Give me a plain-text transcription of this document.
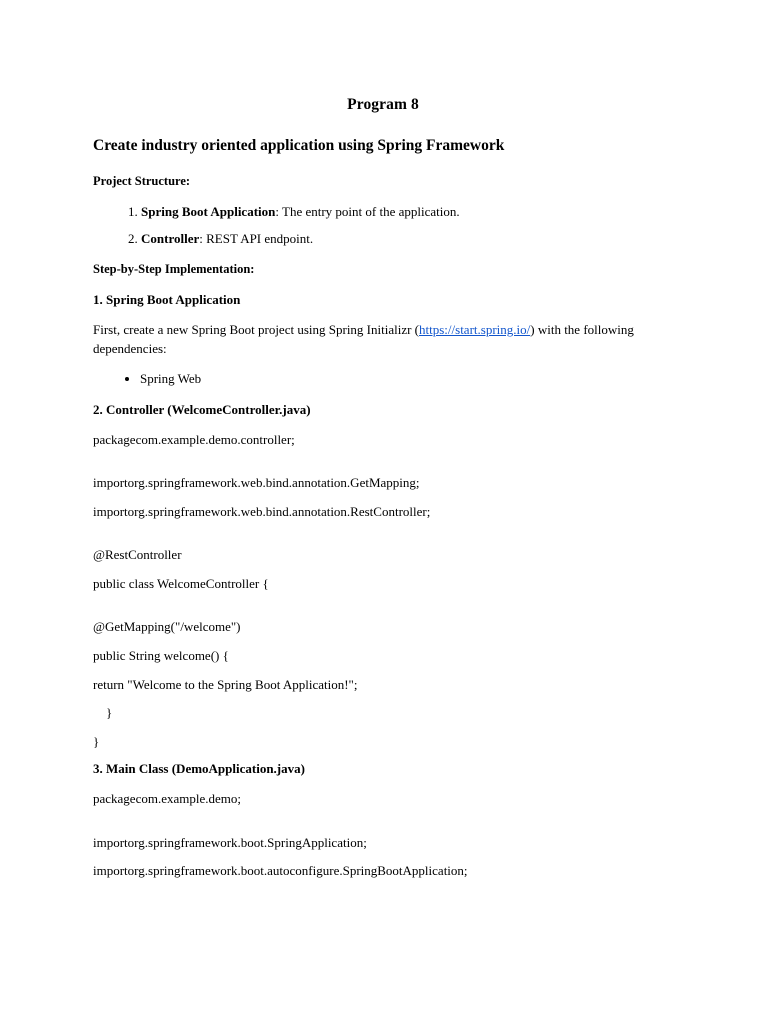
Program 8
Create industry oriented application using Spring Framework
Project Structure:
1. Spring Boot Application: The entry point of the application.
2. Controller: REST API endpoint.
Step-by-Step Implementation:
1. Spring Boot Application
First, create a new Spring Boot project using Spring Initializr (https://start.spring.io/) with the following dependencies:
• Spring Web
2. Controller (WelcomeController.java)
packagecom.example.demo.controller;
importorg.springframework.web.bind.annotation.GetMapping;
importorg.springframework.web.bind.annotation.RestController;
@RestController
public class WelcomeController {
@GetMapping("/welcome")
public String welcome() {
return "Welcome to the Spring Boot Application!";
}
}
3. Main Class (DemoApplication.java)
packagecom.example.demo;
importorg.springframework.boot.SpringApplication;
importorg.springframework.boot.autoconfigure.SpringBootApplication;
